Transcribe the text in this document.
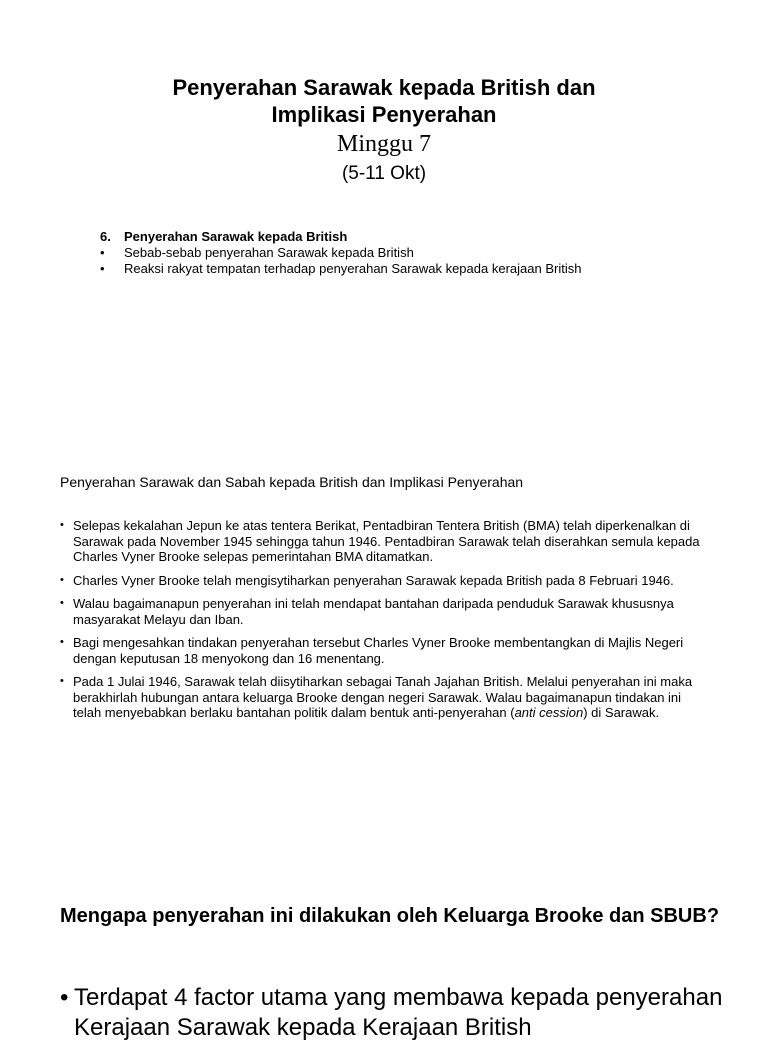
Penyerahan Sarawak kepada British dan
Implikasi Penyerahan
Minggu 7
(5-11 Okt)
6.	Penyerahan Sarawak kepada British
•	Sebab-sebab penyerahan Sarawak kepada British
•	Reaksi rakyat tempatan terhadap penyerahan Sarawak kepada kerajaan British
Penyerahan Sarawak dan Sabah kepada British dan Implikasi Penyerahan
• Selepas kekalahan Jepun ke atas tentera Berikat, Pentadbiran Tentera British (BMA) telah diperkenalkan di Sarawak pada November 1945 sehingga tahun 1946. Pentadbiran Sarawak telah diserahkan semula kepada Charles Vyner Brooke selepas pemerintahan BMA ditamatkan.
• Charles Vyner Brooke telah mengisytiharkan penyerahan Sarawak kepada British pada 8 Februari 1946.
• Walau bagaimanapun penyerahan ini telah mendapat bantahan daripada penduduk Sarawak khususnya masyarakat Melayu dan Iban.
• Bagi mengesahkan tindakan penyerahan tersebut Charles Vyner Brooke membentangkan di Majlis Negeri dengan keputusan 18 menyokong dan 16 menentang.
• Pada 1 Julai 1946, Sarawak telah diisytiharkan sebagai Tanah Jajahan British. Melalui penyerahan ini maka berakhirlah hubungan antara keluarga Brooke dengan negeri Sarawak. Walau bagaimanapun tindakan ini telah menyebabkan berlaku bantahan politik dalam bentuk anti-penyerahan (anti cession) di Sarawak.
Mengapa penyerahan ini dilakukan oleh Keluarga Brooke dan SBUB?
• Terdapat 4 factor utama yang membawa kepada penyerahan Kerajaan Sarawak kepada Kerajaan British
